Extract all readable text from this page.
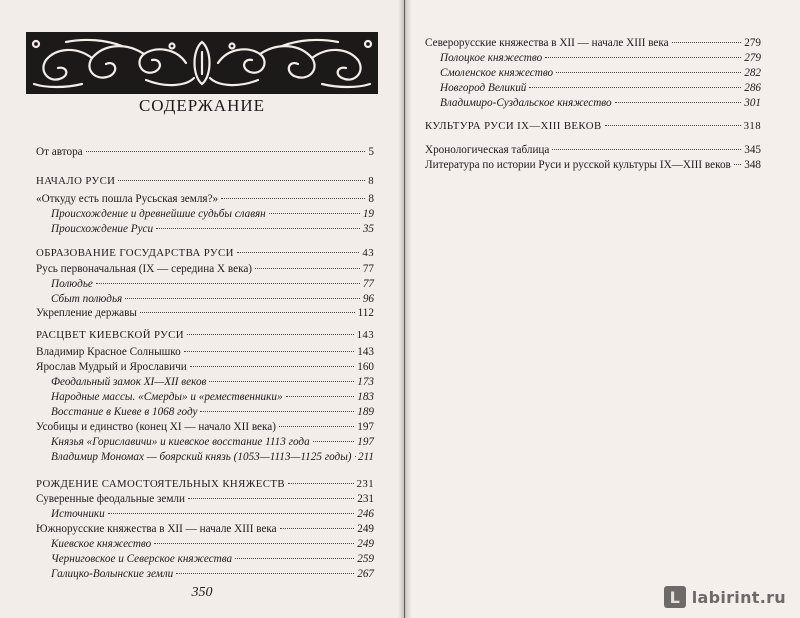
СОДЕРЖАНИЕ
От автора	5
НАЧАЛО РУСИ	8
«Откуду есть пошла Русьская земля?»	8
Происхождение и древнейшие судьбы славян	19
Происхождение Руси	35
ОБРАЗОВАНИЕ ГОСУДАРСТВА РУСИ	43
Русь первоначальная (IX — середина X века)	77
Полюдье	77
Сбыт полюдья	96
Укрепление державы	112
РАСЦВЕТ КИЕВСКОЙ РУСИ	143
Владимир Красное Солнышко	143
Ярослав Мудрый и Ярославичи	160
Феодальный замок XI—XII веков	173
Народные массы. «Смерды» и «ремественники»	183
Восстание в Киеве в 1068 году	189
Усобицы и единство (конец XI — начало XII века)	197
Князья «Гориславичи» и киевское восстание 1113 года	197
Владимир Мономах — боярский князь (1053—1113—1125 годы) 211
РОЖДЕНИЕ САМОСТОЯТЕЛЬНЫХ КНЯЖЕСТВ	231
Суверенные феодальные земли	231
Источники	246
Южнорусские княжества в XII — начале XIII века	249
Киевское княжество	249
Черниговское и Северское княжества	259
Галицко-Волынские земли	267
350
Северорусские княжества в XII — начале XIII века	279
Полоцкое княжество	279
Смоленское княжество	282
Новгород Великий	286
Владимиро-Суздальское княжество	301
КУЛЬТУРА РУСИ IX—XIII ВЕКОВ	318
Хронологическая таблица	345
Литература по истории Руси и русской культуры IX—XIII веков 348
L labirint.ru
